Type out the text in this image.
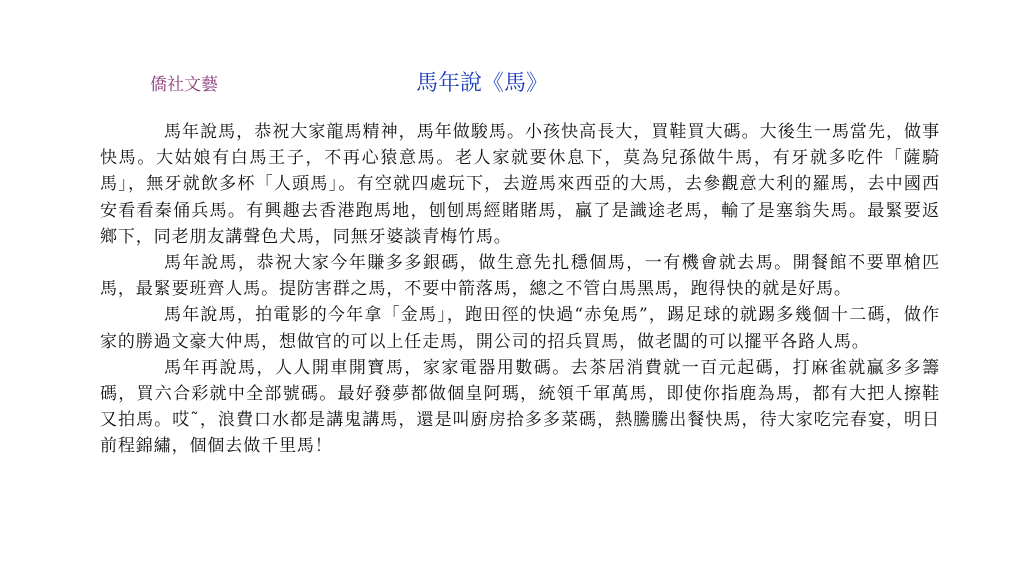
僑社文藝	馬年說《馬》

馬年說馬，恭祝大家龍馬精神，馬年做駿馬。小孩快高長大，買鞋買大碼。大後生一馬當先，做事快馬。大姑娘有白馬王子，不再心猿意馬。老人家就要休息下，莫為兒孫做牛馬，有牙就多吃件「薩騎馬」，無牙就飲多杯「人頭馬」。有空就四處玩下，去遊馬來西亞的大馬，去參觀意大利的羅馬，去中國西安看看秦俑兵馬。有興趣去香港跑馬地，刨刨馬經賭賭馬，贏了是識途老馬，輸了是塞翁失馬。最緊要返鄉下，同老朋友講聲色犬馬，同無牙婆談青梅竹馬。

馬年說馬，恭祝大家今年賺多多銀碼，做生意先扎穩個馬，一有機會就去馬。開餐館不要單槍匹馬，最緊要班齊人馬。提防害群之馬，不要中箭落馬，總之不管白馬黑馬，跑得快的就是好馬。

馬年說馬，拍電影的今年拿「金馬」，跑田徑的快過“赤兔馬”，踢足球的就踢多幾個十二碼，做作家的勝過文豪大仲馬，想做官的可以上任走馬，開公司的招兵買馬，做老闆的可以擺平各路人馬。

馬年再說馬，人人開車開寶馬，家家電器用數碼。去茶居消費就一百元起碼，打麻雀就贏多多籌碼，買六合彩就中全部號碼。最好發夢都做個皇阿瑪，統領千軍萬馬，即使你指鹿為馬，都有大把人擦鞋又拍馬。哎˜，浪費口水都是講鬼講馬，還是叫廚房拾多多菜碼，熱騰騰出餐快馬，待大家吃完春宴，明日前程錦繡，個個去做千里馬！
